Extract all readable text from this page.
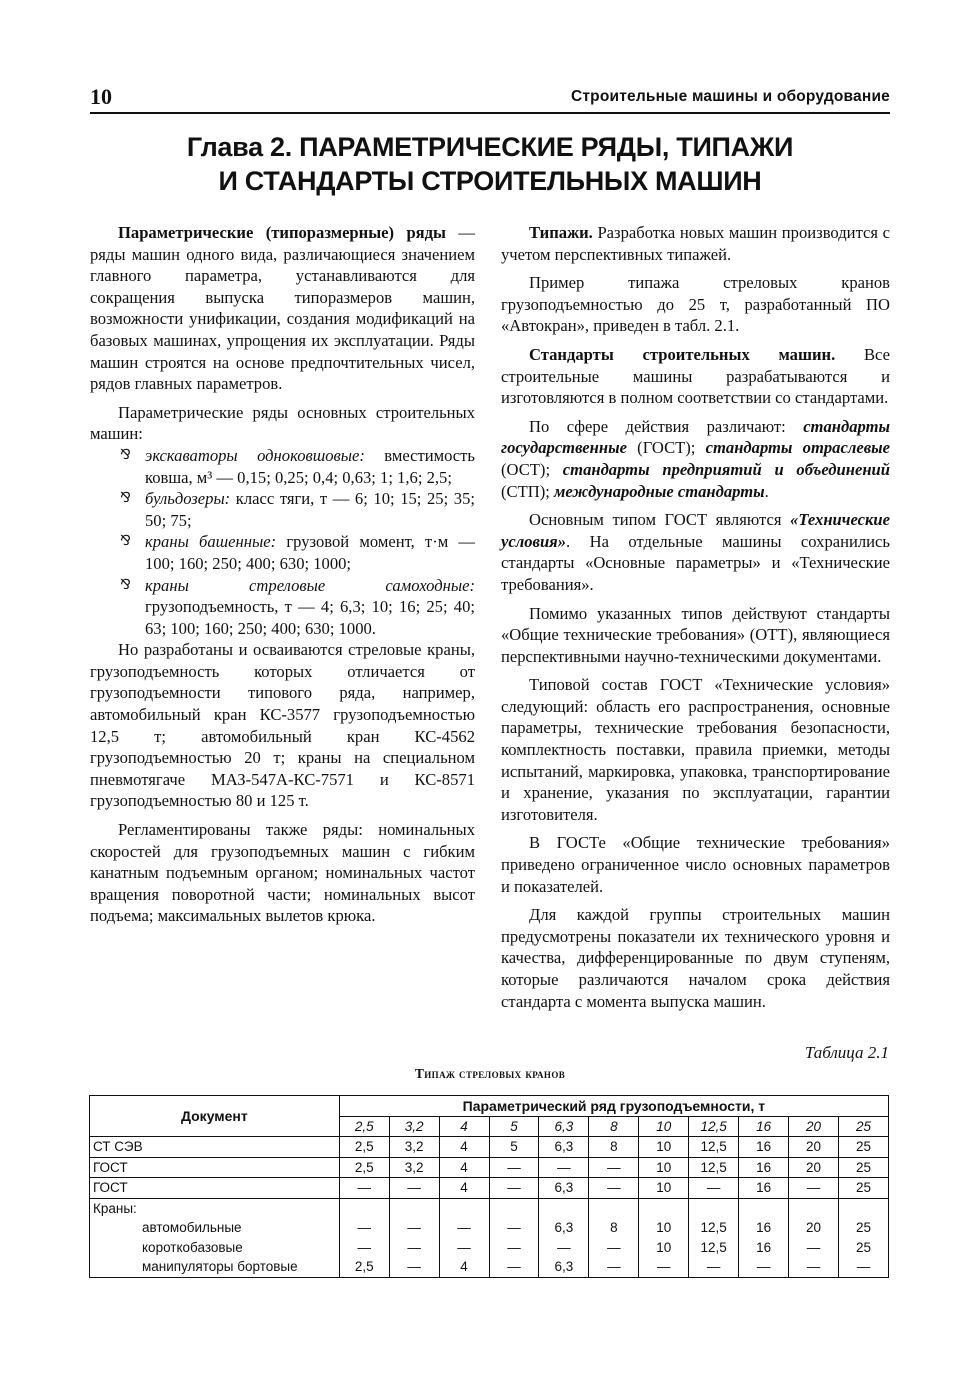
10	Строительные машины и оборудование
Глава 2. ПАРАМЕТРИЧЕСКИЕ РЯДЫ, ТИПАЖИ
И СТАНДАРТЫ СТРОИТЕЛЬНЫХ МАШИН

Параметрические (типоразмерные) ряды — ряды машин одного вида, различающиеся значением главного параметра, устанавливаются для сокращения выпуска типоразмеров машин, возможности унификации, создания модификаций на базовых машинах, упрощения их эксплуатации. Ряды машин строятся на основе предпочтительных чисел, рядов главных параметров.

Параметрические ряды основных строительных машин:

⅋ экскаваторы одноковшовые: вместимость ковша, м³ — 0,15; 0,25; 0,4; 0,63; 1; 1,6; 2,5;
⅋ бульдозеры: класс тяги, т — 6; 10; 15; 25; 35; 50; 75;
⅋ краны башенные: грузовой момент, т·м — 100; 160; 250; 400; 630; 1000;
⅋ краны стреловые самоходные: грузоподъемность, т — 4; 6,3; 10; 16; 25; 40; 63; 100; 160; 250; 400; 630; 1000.

Но разработаны и осваиваются стреловые краны, грузоподъемность которых отличается от грузоподъемности типового ряда, например, автомобильный кран КС-3577 грузоподъемностью 12,5 т; автомобильный кран КС-4562 грузоподъемностью 20 т; краны на специальном пневмотягаче МАЗ-547А-КС-7571 и КС-8571 грузоподъемностью 80 и 125 т.

Регламентированы также ряды: номинальных скоростей для грузоподъемных машин с гибким канатным подъемным органом; номинальных частот вращения поворотной части; номинальных высот подъема; максимальных вылетов крюка.

Типажи. Разработка новых машин производится с учетом перспективных типажей.

Пример типажа стреловых кранов грузоподъемностью до 25 т, разработанный ПО «Автокран», приведен в табл. 2.1.

Стандарты строительных машин. Все строительные машины разрабатываются и изготовляются в полном соответствии со стандартами.

По сфере действия различают: стандарты государственные (ГОСТ); стандарты отраслевые (ОСТ); стандарты предприятий и объединений (СТП); международные стандарты.

Основным типом ГОСТ являются «Технические условия». На отдельные машины сохранились стандарты «Основные параметры» и «Технические требования».

Помимо указанных типов действуют стандарты «Общие технические требования» (ОТТ), являющиеся перспективными научно-техническими документами.

Типовой состав ГОСТ «Технические условия» следующий: область его распространения, основные параметры, технические требования безопасности, комплектность поставки, правила приемки, методы испытаний, маркировка, упаковка, транспортирование и хранение, указания по эксплуатации, гарантии изготовителя.

В ГОСТе «Общие технические требования» приведено ограниченное число основных параметров и показателей.

Для каждой группы строительных машин предусмотрены показатели их технического уровня и качества, дифференцированные по двум ступеням, которые различаются началом срока действия стандарта с момента выпуска машин.

Таблица 2.1
Типаж стреловых кранов
Документ	Параметрический ряд грузоподъемности, т										
	2,5	3,2	4	5	6,3	8	10	12,5	16	20	25
СТ СЭВ	2,5	3,2	4	5	6,3	8	10	12,5	16	20	25
ГОСТ	2,5	3,2	4	—	—	—	10	12,5	16	20	25
ГОСТ	—	—	4	—	6,3	—	10	—	16	—	25
Краны:											
автомобильные	—	—	—	—	6,3	8	10	12,5	16	20	25
короткобазовые	—	—	—	—	—	—	10	12,5	16	—	25
манипуляторы бортовые	2,5	—	4	—	6,3	—	—	—	—	—	—
